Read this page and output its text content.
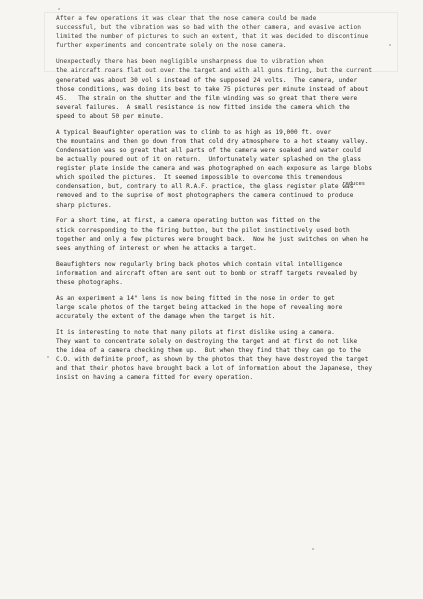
After a few operations it was clear that the nose camera could be made
successful, but the vibration was so bad with the other camera, and evasive action
limited the number of pictures to such an extent, that it was decided to discontinue
further experiments and concentrate solely on the nose camera.
Unexpectedly there has been negligible unsharpness due to vibration when
the aircraft roars flat out over the target and with all guns firing, but the current
generated was about 30 vol s instead of the supposed 24 volts.  The camera, under
those conditions, was doing its best to take 75 pictures per minute instead of about
45.   The strain on the shutter and the film winding was so great that there were
several failures.  A small resistance is now fitted inside the camera which the
speed to about 50 per minute.
A typical Beaufighter operation was to climb to as high as 19,000 ft. over
the mountains and then go down from that cold dry atmosphere to a hot steamy valley.
Condensation was so great that all parts of the camera were soaked and water could
be actually poured out of it on return.  Unfortunately water splashed on the glass
register plate inside the camera and was photographed on each exposure as large blobs
which spoiled the pictures.  It seemed impossible to overcome this tremendous
condensation, but, contrary to all R.A.F. practice, the glass register plate was
removed and to the suprise of most photographers the camera continued to produce
sharp pictures.
For a short time, at first, a camera operating button was fitted on the
stick corresponding to the firing button, but the pilot instinctively used both
together and only a few pictures were brought back.  Now he just switches on when he
sees anything of interest or when he attacks a target.
Beaufighters now regularly bring back photos which contain vital intelligence
information and aircraft often are sent out to bomb or straff targets revealed by
these photographs.
As an experiment a 14" lens is now being fitted in the nose in order to get
large scale photos of the target being attacked in the hope of revealing more
accurately the extent of the damage when the target is hit.
It is interesting to note that many pilots at first dislike using a camera.
They want to concentrate solely on destroying the target and at first do not like
the idea of a camera checking them up.  But when they find that they can go to the
C.O. with definite proof, as shown by the photos that they have destroyed the target
and that their photos have brought back a lot of information about the Japanese, they
insist on having a camera fitted for every operation.
reduces
